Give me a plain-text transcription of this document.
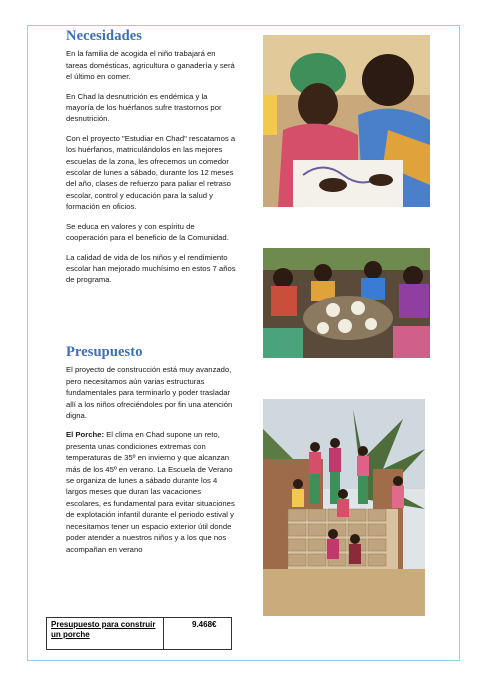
Necesidades

En la familia de acogida el niño trabajará en tareas domésticas, agricultura o ganadería y será el último en comer.

En Chad la desnutrición es endémica y la mayoría de los huérfanos sufre trastornos por desnutrición.

Con el proyecto "Estudiar en Chad" rescatamos a los huérfanos, matriculándolos en las mejores escuelas de la zona, les ofrecemos un comedor escolar de lunes a sábado, durante los 12 meses del año, clases de refuerzo para paliar el retraso escolar, control y educación para la salud y formación en oficios.

Se educa en valores y con espíritu de cooperación para el beneficio de la Comunidad.

La calidad de vida de los niños y el rendimiento escolar han mejorado muchísimo en estos 7 años de programa.

Presupuesto

El proyecto de construcción está muy avanzado, pero necesitamos aún varias estructuras fundamentales para terminarlo y poder trasladar allí a los niños ofreciéndoles por fin una atención digna.

El Porche: El clima en Chad supone un reto, presenta unas condiciones extremas con temperaturas de 35º en invierno y que alcanzan más de los 45º en verano. La Escuela de Verano se organiza de lunes a sábado durante los 4 largos meses que duran las vacaciones escolares, es fundamental para evitar situaciones de explotación infantil durante el periodo estival y necesitamos tener un espacio exterior útil donde poder atender a nuestros niños y a los que nos acompañan en verano

Presupuesto para construir un porche	9.468€
